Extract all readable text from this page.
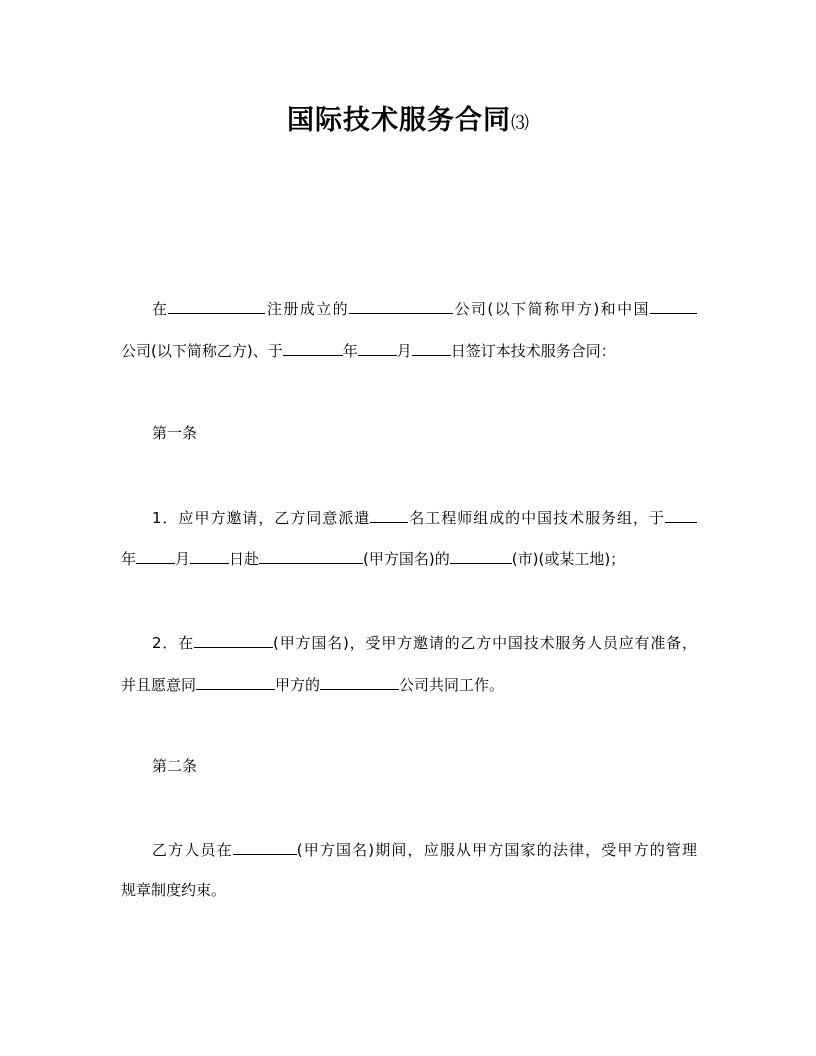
国际技术服务合同⑶
在	注册成立的	公司(以下简称甲方)和中国
公司(以下简称乙方)、于	年	月	日签订本技术服务合同：
第一条
1．应甲方邀请，乙方同意派遣	名工程师组成的中国技术服务组，于
年	月	日赴	(甲方国名)的	(市)(或某工地)；
2．在	(甲方国名)，受甲方邀请的乙方中国技术服务人员应有准备，
并且愿意同	甲方的	公司共同工作。
第二条
乙方人员在	(甲方国名)期间，应服从甲方国家的法律，受甲方的管理
规章制度约束。
